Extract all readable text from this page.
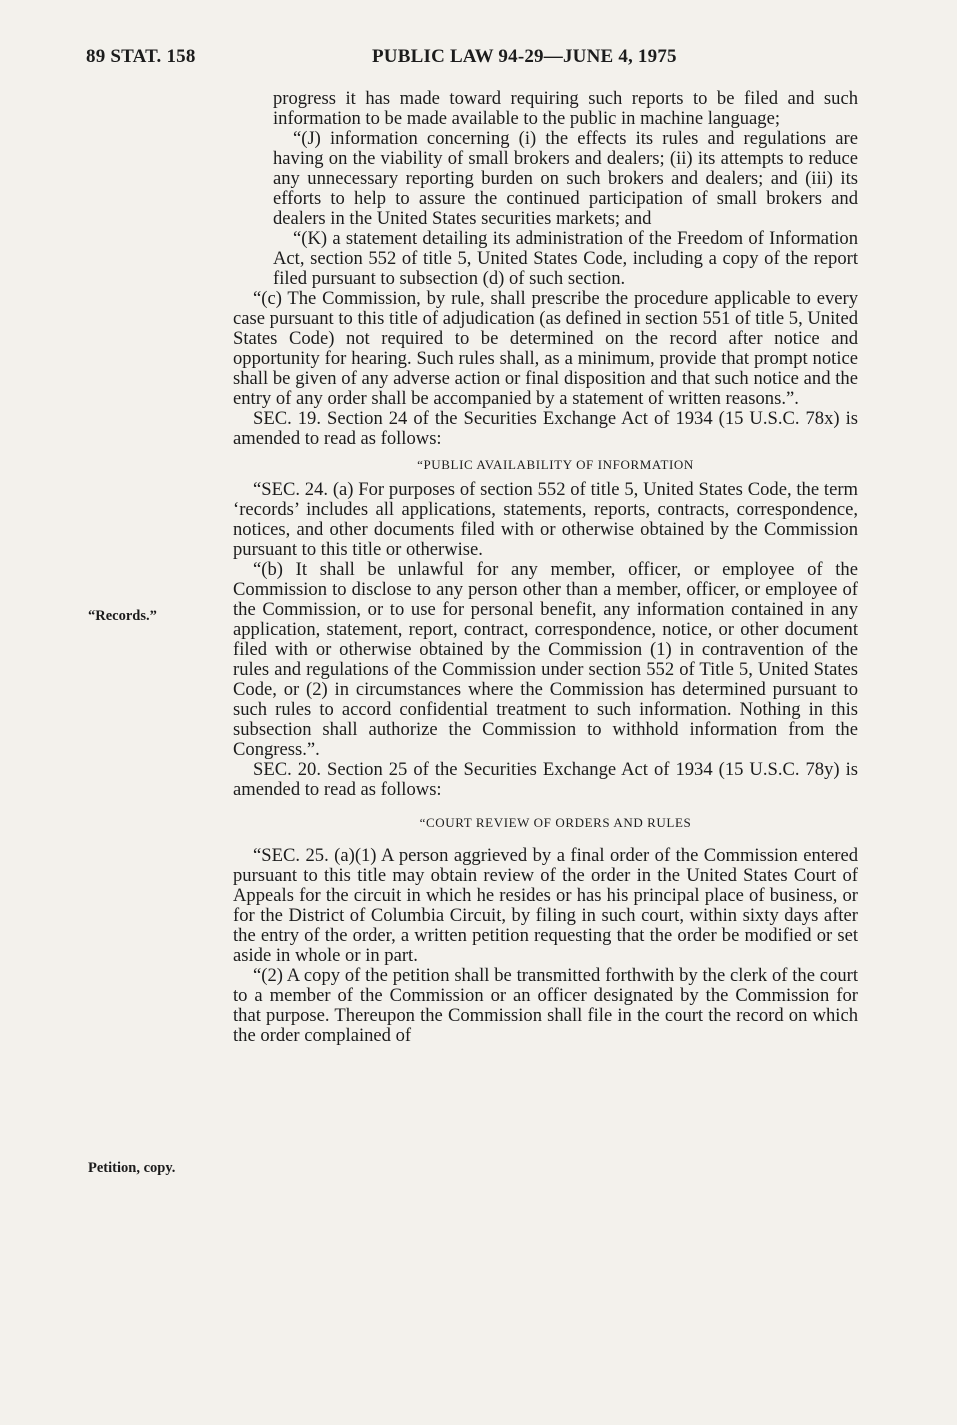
89 STAT. 158	PUBLIC LAW 94-29—JUNE 4, 1975
“Records.”
Petition, copy.

progress it has made toward requiring such reports to be filed and such information to be made available to the public in machine language;

“(J) information concerning (i) the effects its rules and regulations are having on the viability of small brokers and dealers; (ii) its attempts to reduce any unnecessary reporting burden on such brokers and dealers; and (iii) its efforts to help to assure the continued participation of small brokers and dealers in the United States securities markets; and

“(K) a statement detailing its administration of the Freedom of Information Act, section 552 of title 5, United States Code, including a copy of the report filed pursuant to subsection (d) of such section.

“(c) The Commission, by rule, shall prescribe the procedure applicable to every case pursuant to this title of adjudication (as defined in section 551 of title 5, United States Code) not required to be determined on the record after notice and opportunity for hearing. Such rules shall, as a minimum, provide that prompt notice shall be given of any adverse action or final disposition and that such notice and the entry of any order shall be accompanied by a statement of written reasons.”.

SEC. 19. Section 24 of the Securities Exchange Act of 1934 (15 U.S.C. 78x) is amended to read as follows:

“PUBLIC AVAILABILITY OF INFORMATION

“SEC. 24. (a) For purposes of section 552 of title 5, United States Code, the term ‘records’ includes all applications, statements, reports, contracts, correspondence, notices, and other documents filed with or otherwise obtained by the Commission pursuant to this title or otherwise.

“(b) It shall be unlawful for any member, officer, or employee of the Commission to disclose to any person other than a member, officer, or employee of the Commission, or to use for personal benefit, any information contained in any application, statement, report, contract, correspondence, notice, or other document filed with or otherwise obtained by the Commission (1) in contravention of the rules and regulations of the Commission under section 552 of Title 5, United States Code, or (2) in circumstances where the Commission has determined pursuant to such rules to accord confidential treatment to such information. Nothing in this subsection shall authorize the Commission to withhold information from the Congress.”.

SEC. 20. Section 25 of the Securities Exchange Act of 1934 (15 U.S.C. 78y) is amended to read as follows:

“COURT REVIEW OF ORDERS AND RULES

“SEC. 25. (a)(1) A person aggrieved by a final order of the Commission entered pursuant to this title may obtain review of the order in the United States Court of Appeals for the circuit in which he resides or has his principal place of business, or for the District of Columbia Circuit, by filing in such court, within sixty days after the entry of the order, a written petition requesting that the order be modified or set aside in whole or in part.

“(2) A copy of the petition shall be transmitted forthwith by the clerk of the court to a member of the Commission or an officer designated by the Commission for that purpose. Thereupon the Commission shall file in the court the record on which the order complained of
